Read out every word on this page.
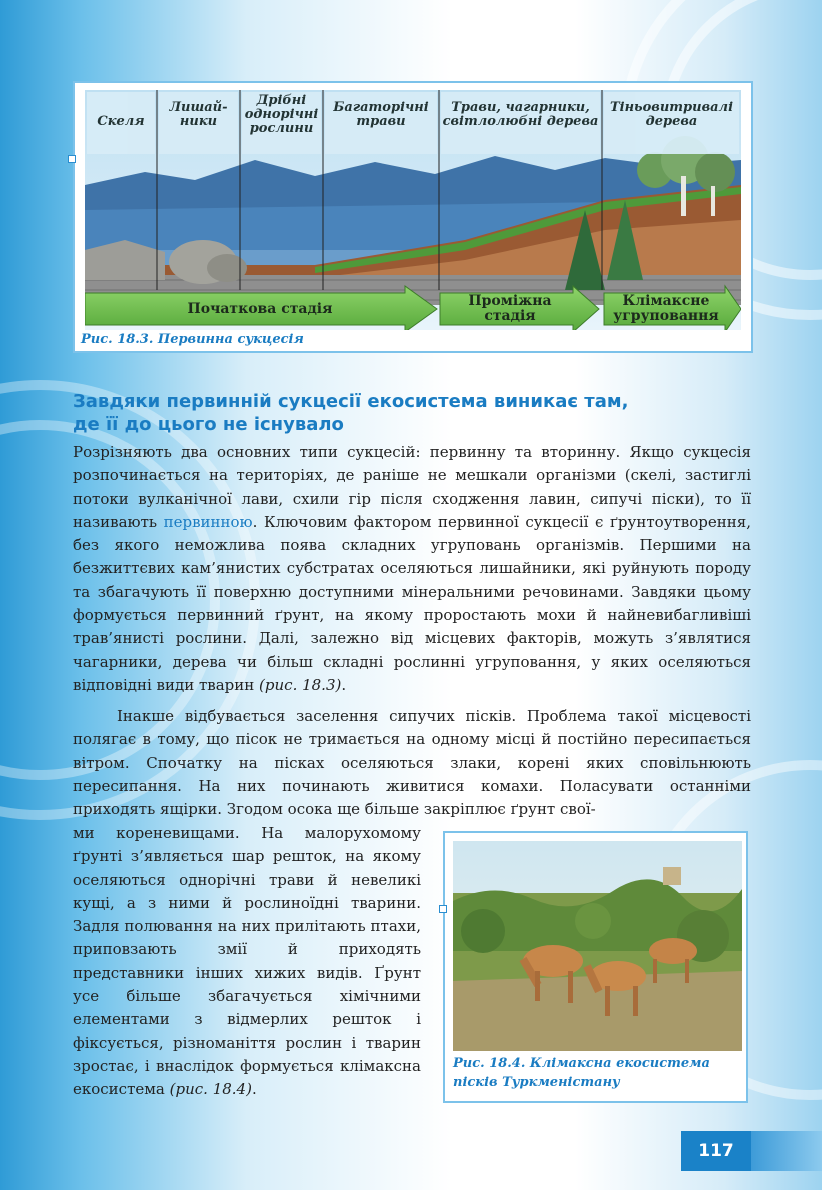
Скеля
Лишай-
ники
Дрібні
однорічні
рослини
Багаторічні
трави
Трави, чагарники,
світлолюбні дерева
Тіньовитривалі
дерева
Початкова стадія	Проміжна
стадія
Клімаксне
угруповання
Рис. 18.3. Первинна сукцесія
Завдяки первинній сукцесії екосистема виникає там,
де її до цього не існувало
Розрізняють два основних типи сукцесій: первинну та вторинну. Якщо сукцесія розпочинається на територіях, де раніше не мешкали організми (скелі, застиглі потоки вулканічної лави, схили гір після сходження лавин, сипучі піски), то її називають первинною. Ключовим фактором первинної сукцесії є ґрунтоутворення, без якого неможлива поява складних угруповань організмів. Першими на безжиттєвих кам’янистих субстратах оселяються лишайники, які руйнують породу та збагачують її поверхню доступними мінеральними речовинами. Завдяки цьому формується первинний ґрунт, на якому проростають мохи й найневибагливіші трав’янисті рослини. Далі, залежно від місцевих факторів, можуть з’являтися чагарники, дерева чи більш складні рослинні угруповання, у яких оселяються відповідні види тварин (рис. 18.3).
Інакше відбувається заселення сипучих пісків. Проблема такої місцевості полягає в тому, що пісок не тримається на одному місці й постійно пересипається вітром. Спочатку на пісках оселяються злаки, корені яких сповільнюють пересипання. На них починають живитися комахи. Поласувати останніми приходять ящірки. Згодом осока ще більше закріплює ґрунт свої-
ми кореневищами. На малорухомому ґрунті з’являється шар решток, на якому оселяються однорічні трави й невеликі кущі, а з ними й рослиноїдні тварини. Задля полювання на них прилітають птахи, приповзають змії й приходять представники інших хижих видів. Ґрунт усе більше збагачується хімічними елементами з відмерлих решток і фіксується, різноманіття рослин і тварин зростає, і внаслідок формується клімаксна екосистема (рис. 18.4).
Рис. 18.4. Клімаксна екосистема
пісків Туркменістану
117
